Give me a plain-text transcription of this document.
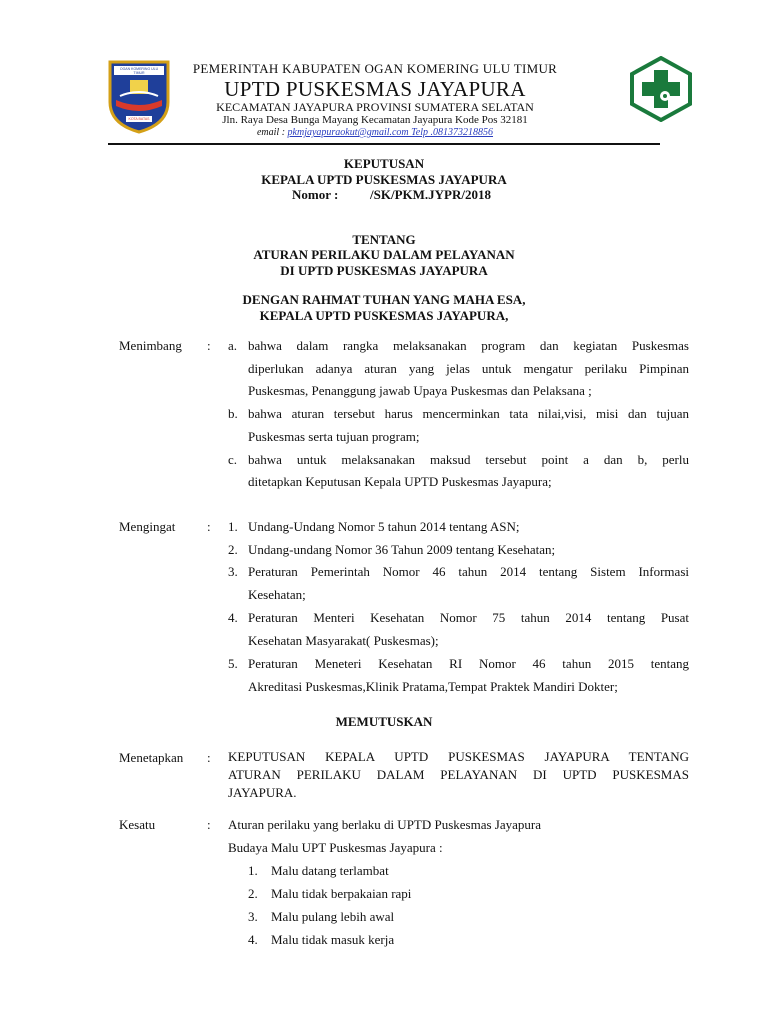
OGAN KOMERING ULU TIMUR
KOTA BATAS
PEMERINTAH KABUPATEN OGAN KOMERING ULU TIMUR
UPTD PUSKESMAS JAYAPURA
KECAMATAN JAYAPURA PROVINSI SUMATERA SELATAN
Jln. Raya Desa Bunga Mayang Kecamatan Jayapura Kode Pos 32181
email : pkmjayapuraokut@gmail.com Telp .081373218856
KEPUTUSAN
KEPALA UPTD PUSKESMAS JAYAPURA
Nomor : /SK/PKM.JYPR/2018
TENTANG
ATURAN PERILAKU DALAM PELAYANAN
DI UPTD PUSKESMAS JAYAPURA
DENGAN RAHMAT TUHAN YANG MAHA ESA,
KEPALA UPTD PUSKESMAS JAYAPURA,
Menimbang : a. bahwa dalam rangka melaksanakan program dan kegiatan Puskesmas
diperlukan adanya aturan yang jelas untuk mengatur perilaku Pimpinan
Puskesmas, Penanggung jawab Upaya Puskesmas dan Pelaksana ;
b. bahwa aturan tersebut harus mencerminkan tata nilai,visi, misi dan tujuan
Puskesmas serta tujuan program;
c. bahwa untuk melaksanakan maksud tersebut point a dan b, perlu
ditetapkan Keputusan Kepala UPTD Puskesmas Jayapura;
Mengingat : 1. Undang-Undang Nomor 5 tahun 2014 tentang ASN;
2. Undang-undang Nomor 36 Tahun 2009 tentang Kesehatan;
3. Peraturan Pemerintah Nomor 46 tahun 2014 tentang Sistem Informasi
Kesehatan;
4. Peraturan Menteri Kesehatan Nomor 75 tahun 2014 tentang Pusat
Kesehatan Masyarakat( Puskesmas);
5. Peraturan Meneteri Kesehatan RI Nomor 46 tahun 2015 tentang
Akreditasi Puskesmas,Klinik Pratama,Tempat Praktek Mandiri Dokter;
MEMUTUSKAN
Menetapkan : KEPUTUSAN KEPALA UPTD PUSKESMAS JAYAPURA TENTANG
ATURAN PERILAKU DALAM PELAYANAN DI UPTD PUSKESMAS
JAYAPURA.
Kesatu	: Aturan perilaku yang berlaku di UPTD Puskesmas Jayapura
Budaya Malu UPT Puskesmas Jayapura :
1. Malu datang terlambat
2. Malu tidak berpakaian rapi
3. Malu pulang lebih awal
4. Malu tidak masuk kerja
